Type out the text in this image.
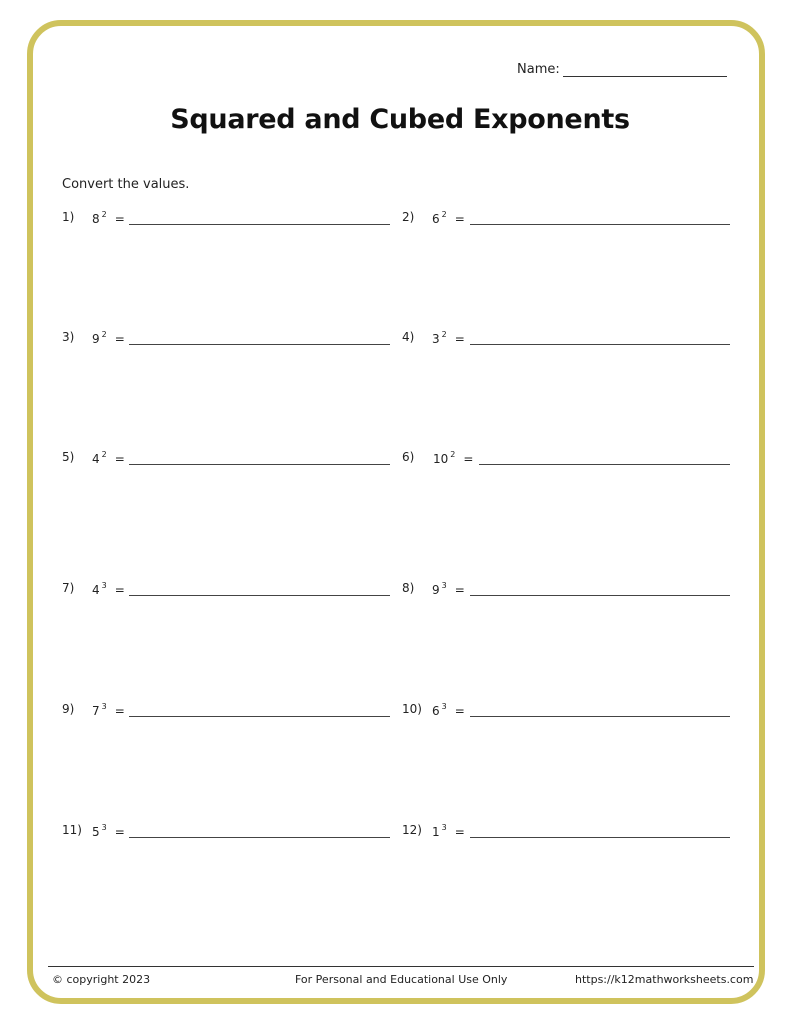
Name:
Squared and Cubed Exponents
Convert the values.
1) 8 $^2$ =	2) 6 $^2$ =
3) 9 $^2$ =	4) 3 $^2$ =
5) 4 $^2$ =	6) 10 $^2$ =
7) 4 $^3$ =	8) 9 $^3$ =
9) 7 $^3$ =	10) 6 $^3$ =
11) 5 $^3$ =	12) 1 $^3$ =
© copyright 2023	For Personal and Educational Use Only	https://k12mathworksheets.com
